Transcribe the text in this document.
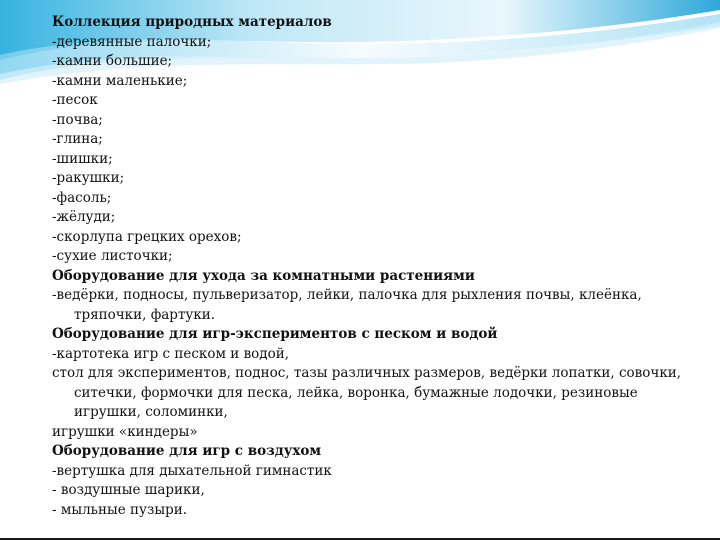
Коллекция природных материалов
-деревянные палочки;
-камни большие;
-камни маленькие;
-песок
-почва;
-глина;
-шишки;
-ракушки;
-фасоль;
-жёлуди;
-скорлупа грецких орехов;
-сухие листочки;
Оборудование для ухода за комнатными растениями
-ведёрки, подносы, пульверизатор, лейки, палочка для рыхления почвы, клеёнка, тряпочки, фартуки.
Оборудование для игр-экспериментов с песком и водой
-картотека игр с песком и водой,
стол для экспериментов, поднос, тазы различных размеров, ведёрки лопатки, совочки, ситечки, формочки для песка, лейка, воронка, бумажные лодочки, резиновые игрушки, соломинки,
игрушки «киндеры»
Оборудование для игр с воздухом
-вертушка для дыхательной гимнастик
- воздушные шарики,
- мыльные пузыри.
